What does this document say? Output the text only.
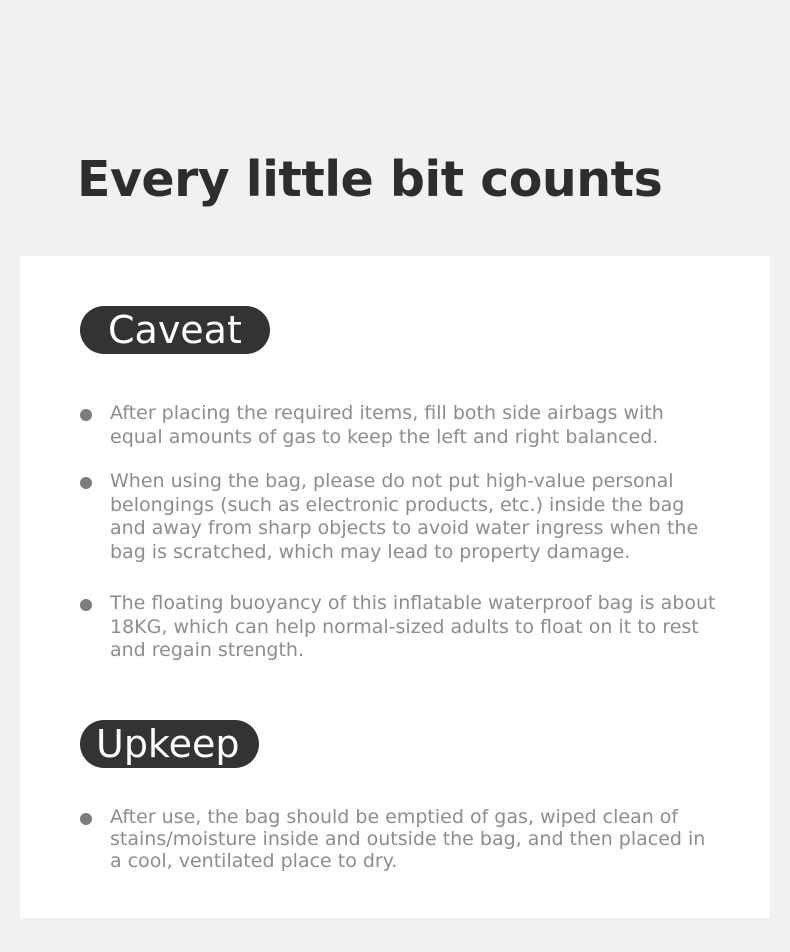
Every little bit counts
Caveat
After placing the required items, fill both side airbags with equal amounts of gas to keep the left and right balanced.
When using the bag, please do not put high-value personal belongings (such as electronic products, etc.) inside the bag and away from sharp objects to avoid water ingress when the bag is scratched, which may lead to property damage.
The floating buoyancy of this inflatable waterproof bag is about 18KG, which can help normal-sized adults to float on it to rest and regain strength.
Upkeep
After use, the bag should be emptied of gas, wiped clean of stains/moisture inside and outside the bag, and then placed in a cool, ventilated place to dry.
